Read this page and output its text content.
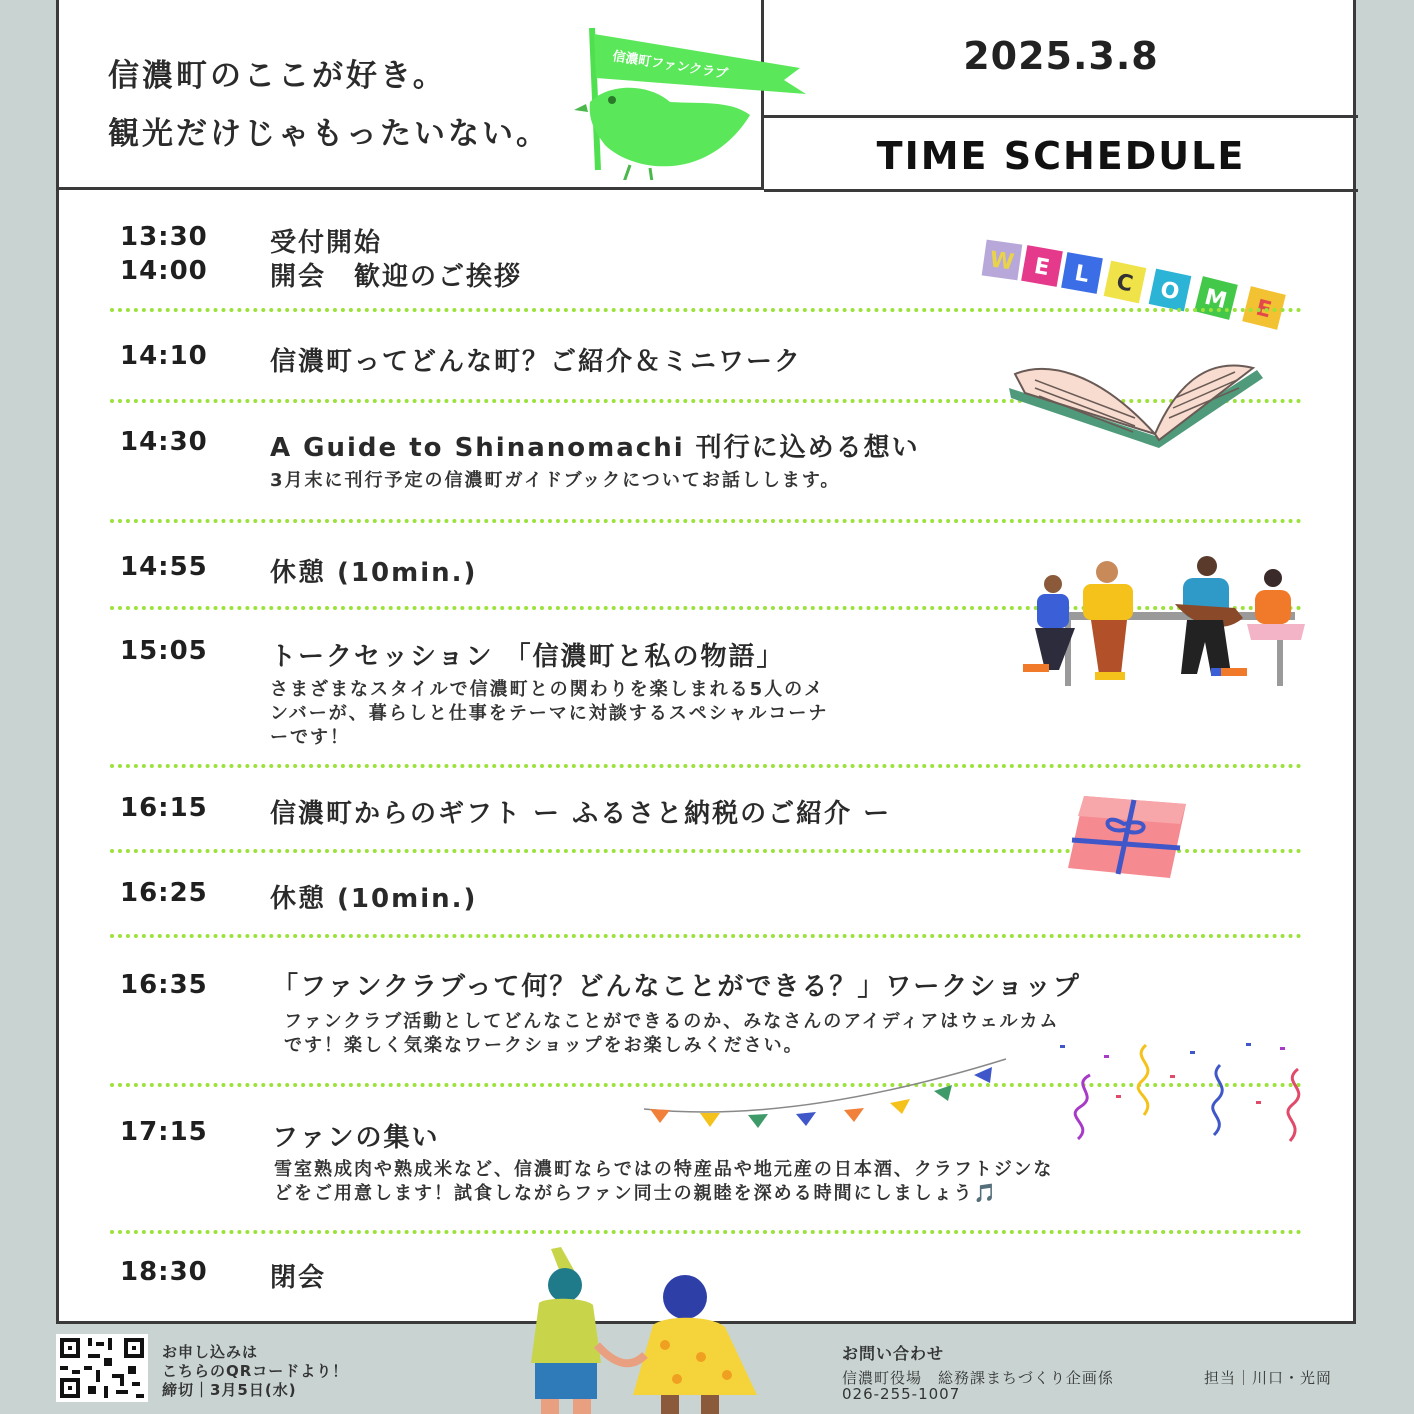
信濃町ファンクラブ
信濃町のここが好き。
観光だけじゃもったいない。
2025.3.8
TIME SCHEDULE
W E L C O M E
13:30 受付開始
14:00 開会　歓迎のご挨拶
14:10 信濃町ってどんな町？ご紹介＆ミニワーク
14:30 A Guide to Shinanomachi 刊行に込める想い
3月末に刊行予定の信濃町ガイドブックについてお話しします。
14:55 休憩 (10min.)
15:05 トークセッション 「信濃町と私の物語」
さまざまなスタイルで信濃町との関わりを楽しまれる5人のメ
ンバーが、暮らしと仕事をテーマに対談するスペシャルコーナ
ーです！
16:15 信濃町からのギフト ー ふるさと納税のご紹介 ー
16:25 休憩 (10min.)
16:35 「ファンクラブって何？どんなことができる？」ワークショップ
ファンクラブ活動としてどんなことができるのか、みなさんのアイディアはウェルカム
です！楽しく気楽なワークショップをお楽しみください。
17:15 ファンの集い
雪室熟成肉や熟成米など、信濃町ならではの特産品や地元産の日本酒、クラフトジンな
どをご用意します！試食しながらファン同士の親睦を深める時間にしましょう🎵
18:30 閉会
お申し込みは
こちらのQRコードより！
締切｜3月5日(水)
お問い合わせ
信濃町役場　総務課まちづくり企画係	担当｜川口・光岡
026-255-1007
